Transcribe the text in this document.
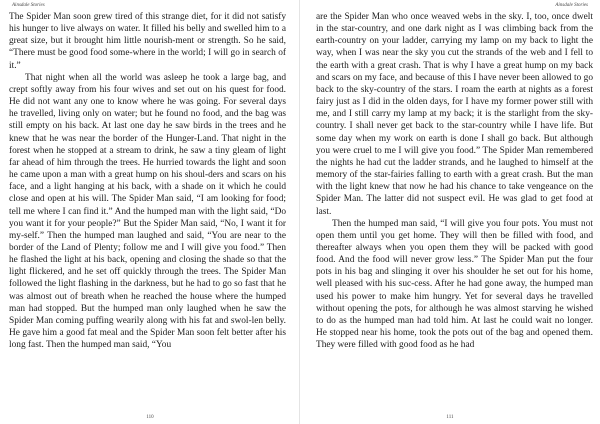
Ainsdale Stories

The Spider Man soon grew tired of this strange diet, for it did not satisfy his hunger to live always on water. It filled his belly and swelled him to a great size, but it brought him little nourish-ment or strength. So he said, “There must be good food some-where in the world; I will go in search of it.”

That night when all the world was asleep he took a large bag, and crept softly away from his four wives and set out on his quest for food. He did not want any one to know where he was going. For several days he travelled, living only on water; but he found no food, and the bag was still empty on his back. At last one day he saw birds in the trees and he knew that he was near the border of the Hunger-Land. That night in the forest when he stopped at a stream to drink, he saw a tiny gleam of light far ahead of him through the trees. He hurried towards the light and soon he came upon a man with a great hump on his shoul-ders and scars on his face, and a light hanging at his back, with a shade on it which he could close and open at his will. The Spider Man said, “I am looking for food; tell me where I can find it.” And the humped man with the light said, “Do you want it for your people?” But the Spider Man said, “No, I want it for my-self.” Then the humped man laughed and said, “You are near to the border of the Land of Plenty; follow me and I will give you food.” Then he flashed the light at his back, opening and closing the shade so that the light flickered, and he set off quickly through the trees. The Spider Man followed the light flashing in the darkness, but he had to go so fast that he was almost out of breath when he reached the house where the humped man had stopped. But the humped man only laughed when he saw the Spider Man coming puffing wearily along with his fat and swol-len belly. He gave him a good fat meal and the Spider Man soon felt better after his long fast. Then the humped man said, “You

110
Ainsdale Stories

are the Spider Man who once weaved webs in the sky. I, too, once dwelt in the star-country, and one dark night as I was climbing back from the earth-country on your ladder, carrying my lamp on my back to light the way, when I was near the sky you cut the strands of the web and I fell to the earth with a great crash. That is why I have a great hump on my back and scars on my face, and because of this I have never been allowed to go back to the sky-country of the stars. I roam the earth at nights as a forest fairy just as I did in the olden days, for I have my former power still with me, and I still carry my lamp at my back; it is the starlight from the sky-country. I shall never get back to the star-country while I have life. But some day when my work on earth is done I shall go back. But although you were cruel to me I will give you food.” The Spider Man remembered the nights he had cut the ladder strands, and he laughed to himself at the memory of the star-fairies falling to earth with a great crash. But the man with the light knew that now he had his chance to take vengeance on the Spider Man. The latter did not suspect evil. He was glad to get food at last.

Then the humped man said, “I will give you four pots. You must not open them until you get home. They will then be filled with food, and thereafter always when you open them they will be packed with good food. And the food will never grow less.” The Spider Man put the four pots in his bag and slinging it over his shoulder he set out for his home, well pleased with his suc-cess. After he had gone away, the humped man used his power to make him hungry. Yet for several days he travelled without opening the pots, for although he was almost starving he wished to do as the humped man had told him. At last he could wait no longer. He stopped near his home, took the pots out of the bag and opened them. They were filled with good food as he had

111
